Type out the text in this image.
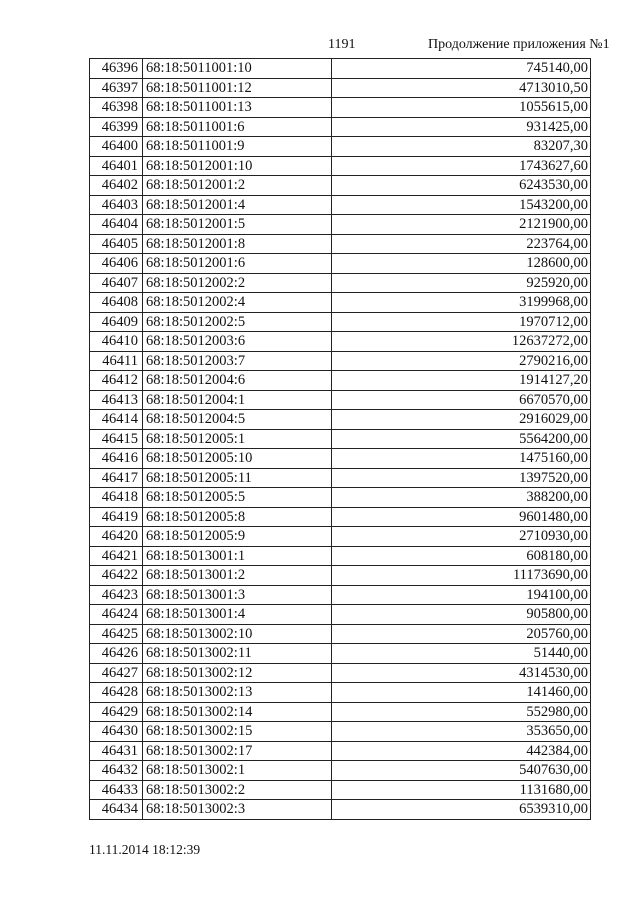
1191	Продолжение приложения №1
46396	68:18:5011001:10	745140,00
46397	68:18:5011001:12	4713010,50
46398	68:18:5011001:13	1055615,00
46399	68:18:5011001:6	931425,00
46400	68:18:5011001:9	83207,30
46401	68:18:5012001:10	1743627,60
46402	68:18:5012001:2	6243530,00
46403	68:18:5012001:4	1543200,00
46404	68:18:5012001:5	2121900,00
46405	68:18:5012001:8	223764,00
46406	68:18:5012001:6	128600,00
46407	68:18:5012002:2	925920,00
46408	68:18:5012002:4	3199968,00
46409	68:18:5012002:5	1970712,00
46410	68:18:5012003:6	12637272,00
46411	68:18:5012003:7	2790216,00
46412	68:18:5012004:6	1914127,20
46413	68:18:5012004:1	6670570,00
46414	68:18:5012004:5	2916029,00
46415	68:18:5012005:1	5564200,00
46416	68:18:5012005:10	1475160,00
46417	68:18:5012005:11	1397520,00
46418	68:18:5012005:5	388200,00
46419	68:18:5012005:8	9601480,00
46420	68:18:5012005:9	2710930,00
46421	68:18:5013001:1	608180,00
46422	68:18:5013001:2	11173690,00
46423	68:18:5013001:3	194100,00
46424	68:18:5013001:4	905800,00
46425	68:18:5013002:10	205760,00
46426	68:18:5013002:11	51440,00
46427	68:18:5013002:12	4314530,00
46428	68:18:5013002:13	141460,00
46429	68:18:5013002:14	552980,00
46430	68:18:5013002:15	353650,00
46431	68:18:5013002:17	442384,00
46432	68:18:5013002:1	5407630,00
46433	68:18:5013002:2	1131680,00
46434	68:18:5013002:3	6539310,00
11.11.2014 18:12:39
